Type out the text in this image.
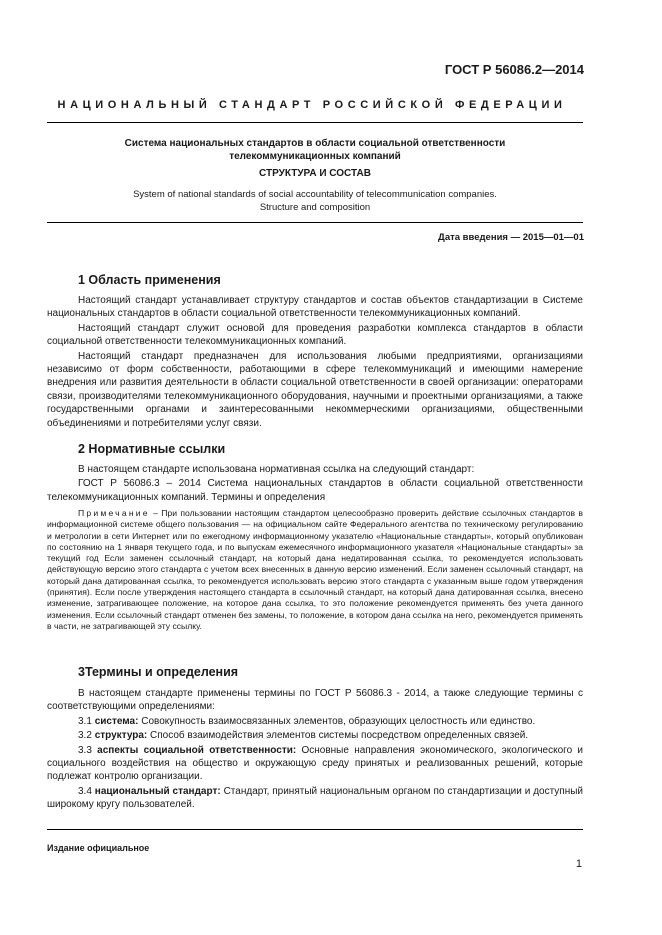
ГОСТ Р 56086.2—2014
НАЦИОНАЛЬНЫЙ СТАНДАРТ РОССИЙСКОЙ ФЕДЕРАЦИИ
Система национальных стандартов в области социальной ответственности
телекоммуникационных компаний
СТРУКТУРА И СОСТАВ
System of national standards of social accountability of telecommunication companies.
Structure and composition
Дата введения — 2015—01—01
1 Область применения

Настоящий стандарт устанавливает структуру стандартов и состав объектов стандартизации в Системе национальных стандартов в области социальной ответственности телекоммуникационных компаний.

Настоящий стандарт служит основой для проведения разработки комплекса стандартов в области социальной ответственности телекоммуникационных компаний.

Настоящий стандарт предназначен для использования любыми предприятиями, организациями независимо от форм собственности, работающими в сфере телекоммуникаций и имеющими намерение внедрения или развития деятельности в области социальной ответственности в своей организации: операторами связи, производителями телекоммуникационного оборудования, научными и проектными организациями, а также государственными органами и заинтересованными некоммерческими организациями, общественными объединениями и потребителями услуг связи.

2 Нормативные ссылки

В настоящем стандарте использована нормативная ссылка на следующий стандарт:

ГОСТ Р 56086.3 – 2014 Система национальных стандартов в области социальной ответственности телекоммуникационных компаний. Термины и определения

Примечание – При пользовании настоящим стандартом целесообразно проверить действие ссылочных стандартов в информационной системе общего пользования — на официальном сайте Федерального агентства по техническому регулированию и метрологии в сети Интернет или по ежегодному информационному указателю «Национальные стандарты», который опубликован по состоянию на 1 января текущего года, и по выпускам ежемесячного информационного указателя «Национальные стандарты» за текущий год Если заменен ссылочный стандарт, на который дана недатированная ссылка, то рекомендуется использовать действующую версию этого стандарта с учетом всех внесенных в данную версию изменений. Если заменен ссылочный стандарт, на который дана датированная ссылка, то рекомендуется использовать версию этого стандарта с указанным выше годом утверждения (принятия). Если после утверждения настоящего стандарта в ссылочный стандарт, на который дана датированная ссылка, внесено изменение, затрагивающее положение, на которое дана ссылка, то это положение рекомендуется применять без учета данного изменения. Если ссылочный стандарт отменен без замены, то положение, в котором дана ссылка на него, рекомендуется применять в части, не затрагивающей эту ссылку.
3Термины и определения

В настоящем стандарте применены термины по ГОСТ Р 56086.3 - 2014, а также следующие термины с соответствующими определениями:

3.1 система: Совокупность взаимосвязанных элементов, образующих целостность или единство.

3.2 структура: Способ взаимодействия элементов системы посредством определенных связей.

3.3 аспекты социальной ответственности: Основные направления экономического, экологического и социального воздействия на общество и окружающую среду принятых и реализованных решений, которые подлежат контролю организации.

3.4 национальный стандарт: Стандарт, принятый национальным органом по стандартизации и доступный широкому кругу пользователей.

Издание официальное
1
